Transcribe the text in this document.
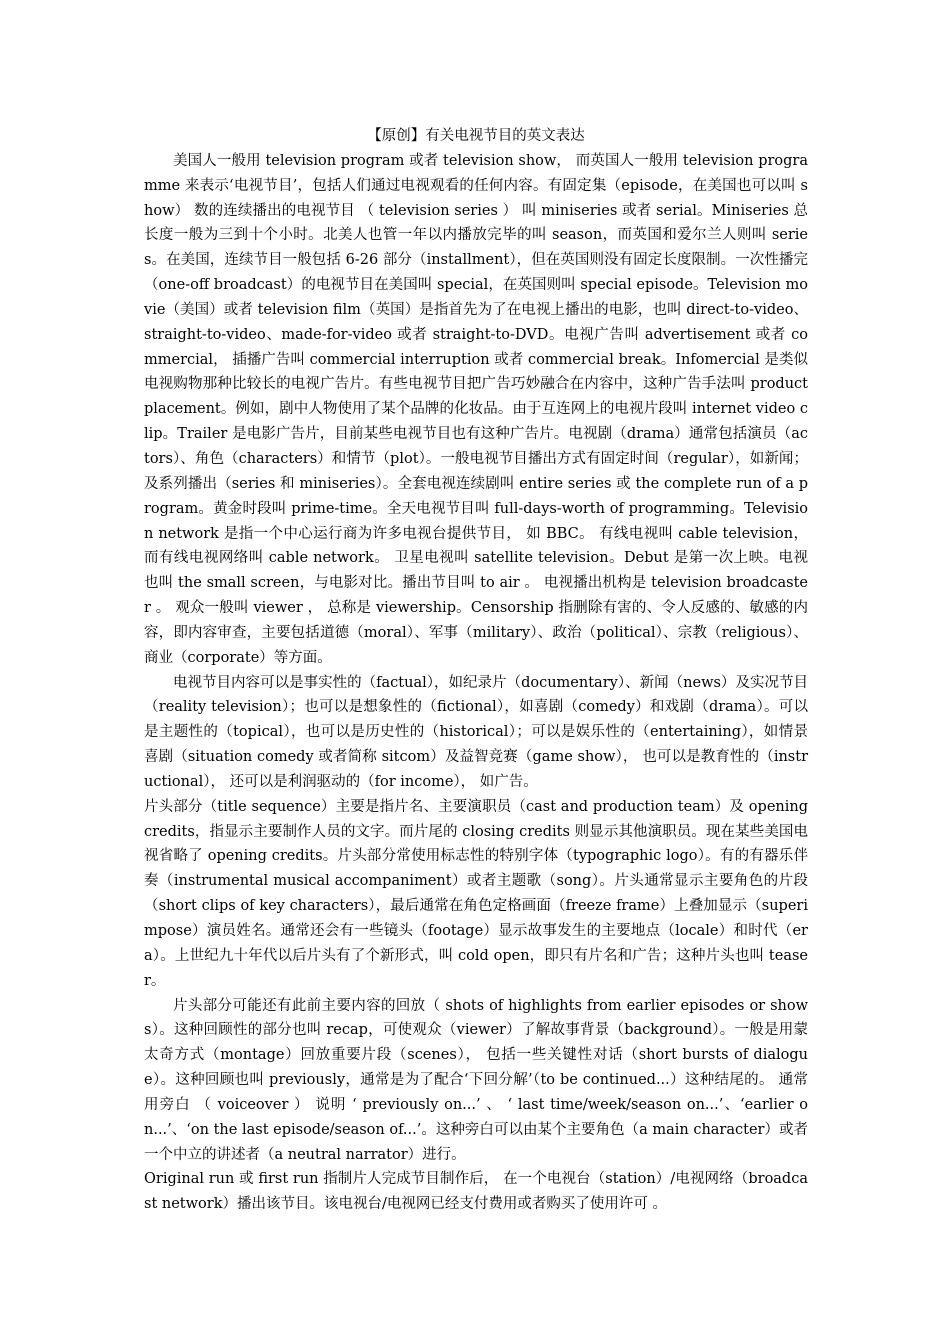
【原创】有关电视节目的英文表达

美国人一般用 television program 或者 television show， 而英国人一般用 television programme 来表示‘电视节目’，包括人们通过电视观看的任何内容。有固定集（episode，在美国也可以叫 show） 数的连续播出的电视节目 （ television series ） 叫 miniseries 或者 serial。Miniseries 总长度一般为三到十个小时。北美人也管一年以内播放完毕的叫 season，而英国和爱尔兰人则叫 series。在美国，连续节目一般包括 6-26 部分（installment），但在英国则没有固定长度限制。一次性播完（one-off broadcast）的电视节目在美国叫 special，在英国则叫 special episode。Television movie（美国）或者 television film（英国）是指首先为了在电视上播出的电影，也叫 direct-to-video、straight-to-video、made-for-video 或者 straight-to-DVD。电视广告叫 advertisement 或者 commercial， 插播广告叫 commercial interruption 或者 commercial break。Infomercial 是类似电视购物那种比较长的电视广告片。有些电视节目把广告巧妙融合在内容中，这种广告手法叫 product placement。例如，剧中人物使用了某个品牌的化妆品。由于互连网上的电视片段叫 internet video clip。Trailer 是电影广告片，目前某些电视节目也有这种广告片。电视剧（drama）通常包括演员（actors）、角色（characters）和情节（plot）。一般电视节目播出方式有固定时间（regular），如新闻；及系列播出（series 和 miniseries）。全套电视连续剧叫 entire series 或 the complete run of a program。黄金时段叫 prime-time。全天电视节目叫 full-days-worth of programming。Television network 是指一个中心运行商为许多电视台提供节目， 如 BBC。 有线电视叫 cable television， 而有线电视网络叫 cable network。 卫星电视叫 satellite television。Debut 是第一次上映。电视也叫 the small screen，与电影对比。播出节目叫 to air 。 电视播出机构是 television broadcaster 。 观众一般叫 viewer ， 总称是 viewership。Censorship 指删除有害的、令人反感的、敏感的内容，即内容审查，主要包括道德（moral）、军事（military）、政治（political）、宗教（religious）、商业（corporate）等方面。

电视节目内容可以是事实性的（factual），如纪录片（documentary）、新闻（news）及实况节目（reality television）；也可以是想象性的（fictional），如喜剧（comedy）和戏剧（drama）。可以是主题性的（topical），也可以是历史性的（historical）；可以是娱乐性的（entertaining），如情景喜剧（situation comedy 或者简称 sitcom）及益智竞赛（game show）， 也可以是教育性的（instructional）， 还可以是利润驱动的（for income）， 如广告。

片头部分（title sequence）主要是指片名、主要演职员（cast and production team）及 opening credits，指显示主要制作人员的文字。而片尾的 closing credits 则显示其他演职员。现在某些美国电视省略了 opening credits。片头部分常使用标志性的特别字体（typographic logo）。有的有器乐伴奏（instrumental musical accompaniment）或者主题歌（song）。片头通常显示主要角色的片段（short clips of key characters），最后通常在角色定格画面（freeze frame）上叠加显示（superimpose）演员姓名。通常还会有一些镜头（footage）显示故事发生的主要地点（locale）和时代（era）。上世纪九十年代以后片头有了个新形式，叫 cold open，即只有片名和广告；这种片头也叫 teaser。

片头部分可能还有此前主要内容的回放（ shots of highlights from earlier episodes or shows）。这种回顾性的部分也叫 recap，可使观众（viewer）了解故事背景（background）。一般是用蒙太奇方式（montage）回放重要片段（scenes）， 包括一些关键性对话（short bursts of dialogue）。这种回顾也叫 previously，通常是为了配合‘下回分解’（to be continued...）这种结尾的。 通常用旁白 （ voiceover ） 说明 ‘ previously on...’ 、 ‘ last time/week/season on...’、‘earlier on...’、‘on the last episode/season of...’。这种旁白可以由某个主要角色（a main character）或者一个中立的讲述者（a neutral narrator）进行。

Original run 或 first run 指制片人完成节目制作后， 在一个电视台（station）/电视网络（broadcast network）播出该节目。该电视台/电视网已经支付费用或者购买了使用许可 。
